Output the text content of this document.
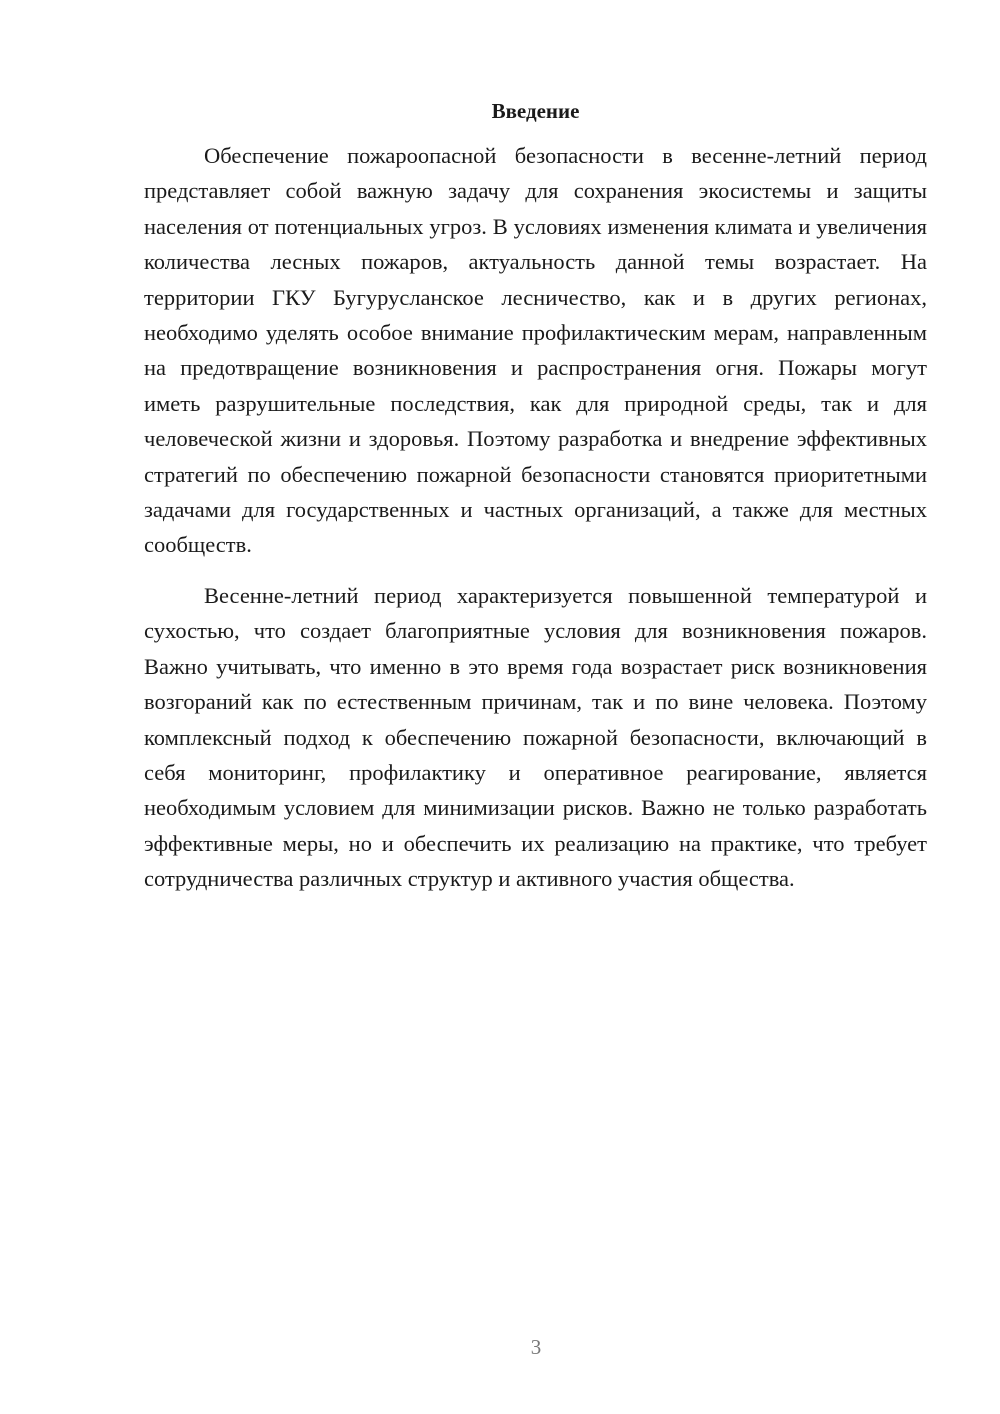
Введение

Обеспечение пожароопасной безопасности в весенне-летний период представляет собой важную задачу для сохранения экосистемы и защиты населения от потенциальных угроз. В условиях изменения климата и увеличения количества лесных пожаров, актуальность данной темы возрастает. На территории ГКУ Бугурусланское лесничество, как и в других регионах, необходимо уделять особое внимание профилактическим мерам, направленным на предотвращение возникновения и распространения огня. Пожары могут иметь разрушительные последствия, как для природной среды, так и для человеческой жизни и здоровья. Поэтому разработка и внедрение эффективных стратегий по обеспечению пожарной безопасности становятся приоритетными задачами для государственных и частных организаций, а также для местных сообществ.

Весенне-летний период характеризуется повышенной температурой и сухостью, что создает благоприятные условия для возникновения пожаров. Важно учитывать, что именно в это время года возрастает риск возникновения возгораний как по естественным причинам, так и по вине человека. Поэтому комплексный подход к обеспечению пожарной безопасности, включающий в себя мониторинг, профилактику и оперативное реагирование, является необходимым условием для минимизации рисков. Важно не только разработать эффективные меры, но и обеспечить их реализацию на практике, что требует сотрудничества различных структур и активного участия общества.

3
